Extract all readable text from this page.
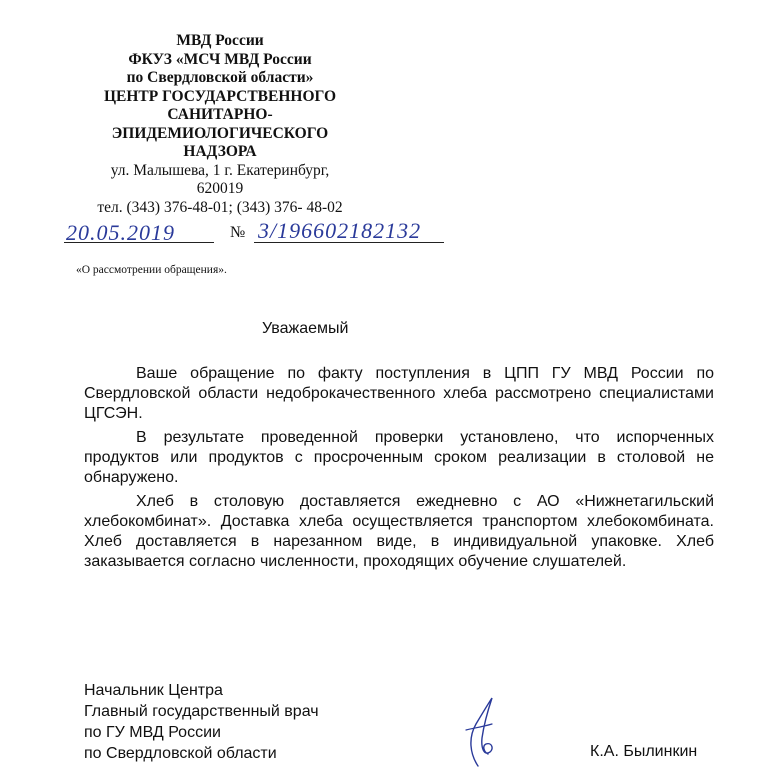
МВД России
ФКУЗ «МСЧ МВД России
по Свердловской области»
ЦЕНТР ГОСУДАРСТВЕННОГО
САНИТАРНО-
ЭПИДЕМИОЛОГИЧЕСКОГО
НАДЗОРА
ул. Малышева, 1 г. Екатеринбург,
620019
тел. (343) 376-48-01; (343) 376- 48-02
20.05.2019	№ 3/196602182132
«О рассмотрении обращения».
Уважаемый

Ваше обращение по факту поступления в ЦПП ГУ МВД России по Свердловской области недоброкачественного хлеба рассмотрено специалистами ЦГСЭН.

В результате проведенной проверки установлено, что испорченных продуктов или продуктов с просроченным сроком реализации в столовой не обнаружено.

Хлеб в столовую доставляется ежедневно с АО «Нижнетагильский хлебокомбинат». Доставка хлеба осуществляется транспортом хлебокомбината. Хлеб доставляется в нарезанном виде, в индивидуальной упаковке. Хлеб заказывается согласно численности, проходящих обучение слушателей.

Начальник Центра
Главный государственный врач
по ГУ МВД России
по Свердловской области	К.А. Былинкин
